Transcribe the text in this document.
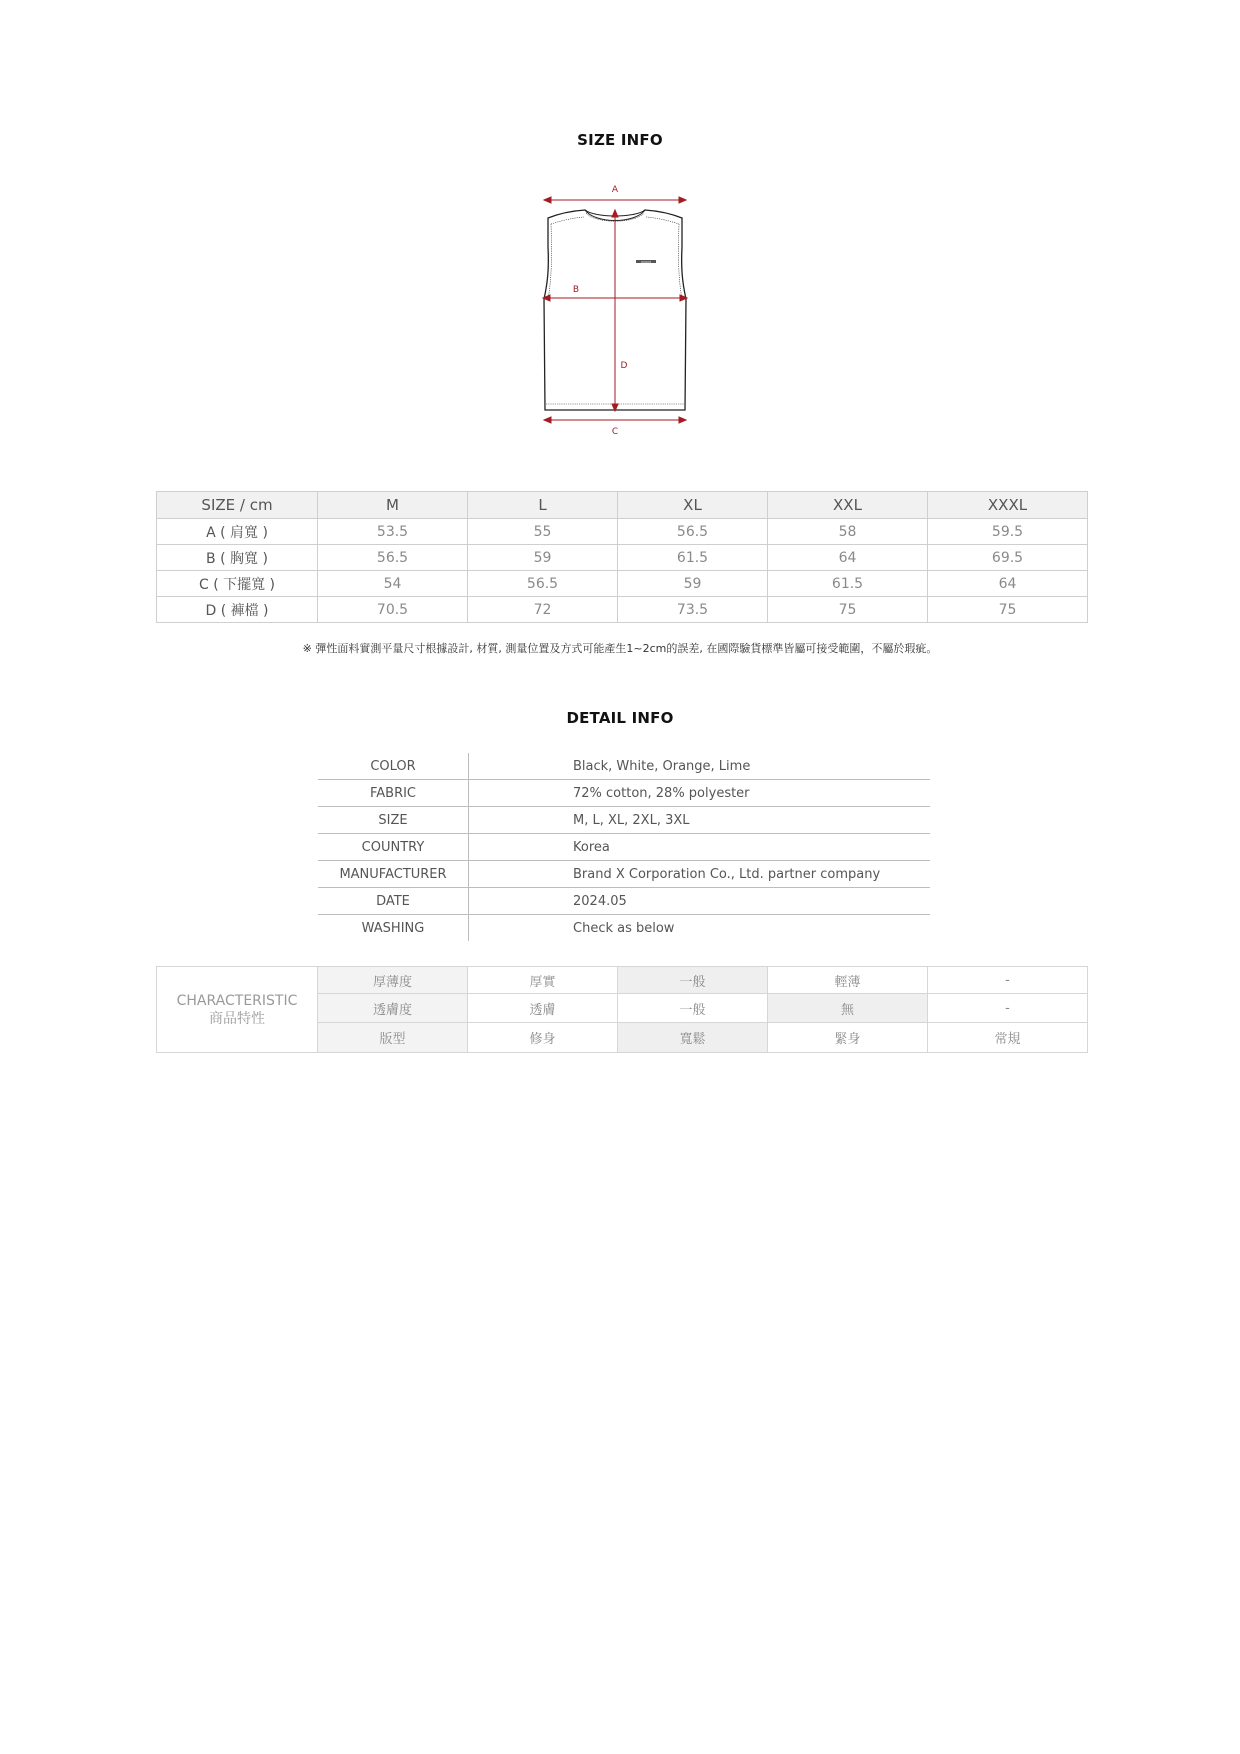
SIZE INFO
XXXXX
A
B
C
D
SIZE / cm	M	L	XL	XXL	XXXL
A ( 肩寬 )	53.5	55	56.5	58	59.5
B ( 胸寬 )	56.5	59	61.5	64	69.5
C ( 下擺寬 )	54	56.5	59	61.5	64
D ( 褲檔 )	70.5	72	73.5	75	75
※ 彈性面料實測平量尺寸根據設計, 材質, 測量位置及方式可能產生1~2cm的誤差, 在國際驗貨標準皆屬可接受範圍，不屬於瑕疵。
DETAIL INFO
COLOR	Black, White, Orange, Lime
FABRIC	72% cotton, 28% polyester
SIZE	M, L, XL, 2XL, 3XL
COUNTRY	Korea
MANUFACTURER	Brand X Corporation Co., Ltd. partner company
DATE	2024.05
WASHING	Check as below
CHARACTERISTIC
商品特性	厚薄度	厚實	一般	輕薄	-
	透膚度	透膚	一般	無	-
	版型	修身	寬鬆	緊身	常規
